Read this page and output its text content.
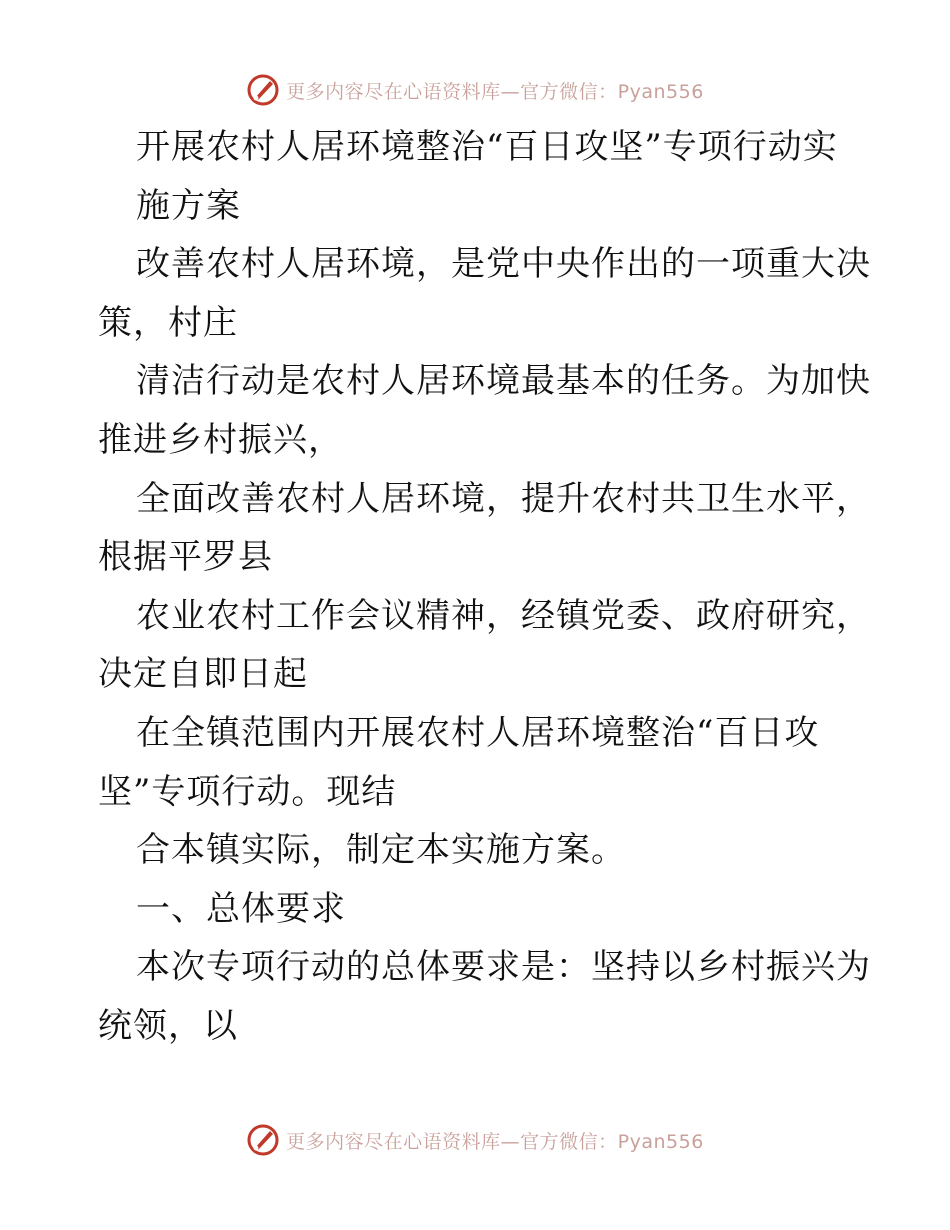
更多内容尽在心语资料库—官方微信：Pyan556
开展农村人居环境整治“百日攻坚”专项行动实
施方案
改善农村人居环境，是党中央作出的一项重大决
策，村庄
清洁行动是农村人居环境最基本的任务。为加快
推进乡村振兴，
全面改善农村人居环境，提升农村共卫生水平，
根据平罗县
农业农村工作会议精神，经镇党委、政府研究，
决定自即日起
在全镇范围内开展农村人居环境整治“百日攻
坚”专项行动。现结
合本镇实际，制定本实施方案。
一、总体要求
本次专项行动的总体要求是：坚持以乡村振兴为
统领，以
更多内容尽在心语资料库—官方微信：Pyan556
